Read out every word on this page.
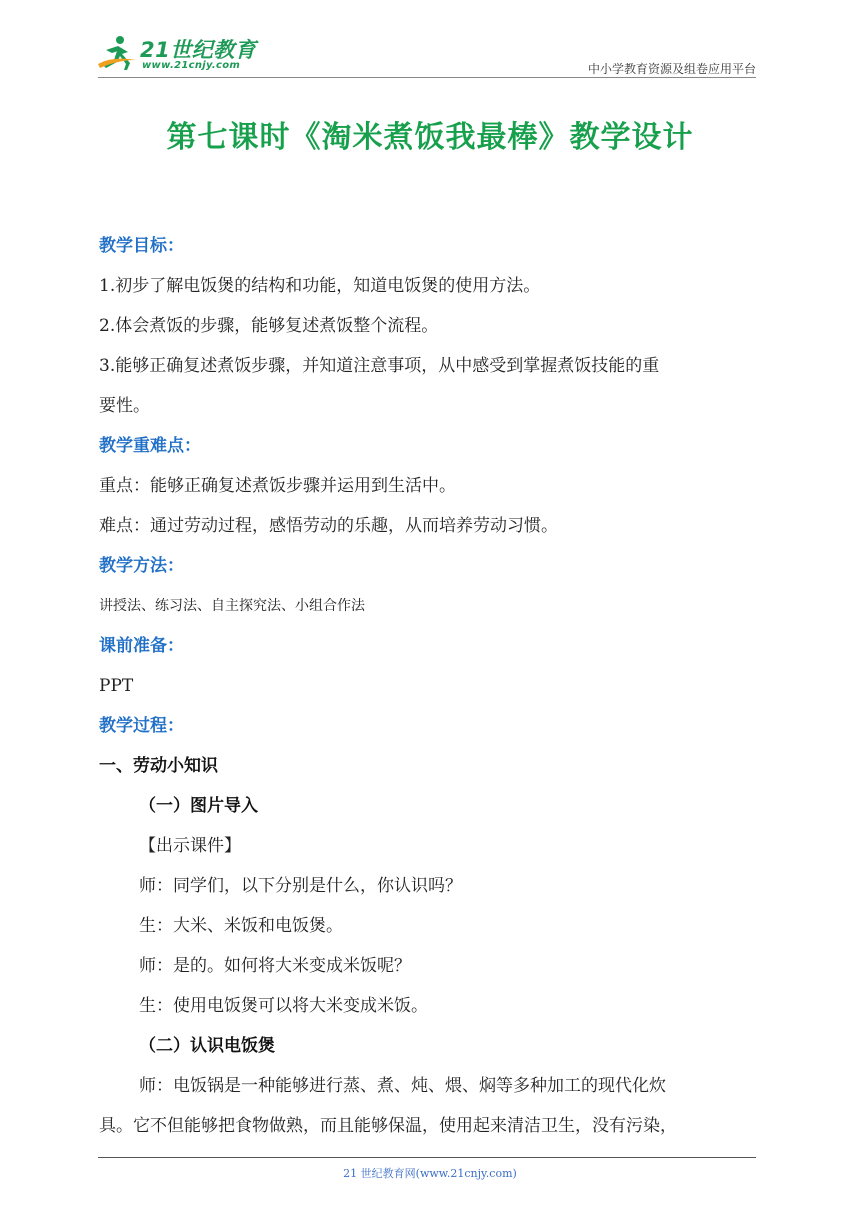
21世纪教育
www.21cnjy.com	中小学教育资源及组卷应用平台
第七课时《淘米煮饭我最棒》教学设计
教学目标：
1.初步了解电饭煲的结构和功能，知道电饭煲的使用方法。
2.体会煮饭的步骤，能够复述煮饭整个流程。
3.能够正确复述煮饭步骤，并知道注意事项，从中感受到掌握煮饭技能的重
要性。
教学重难点：
重点：能够正确复述煮饭步骤并运用到生活中。
难点：通过劳动过程，感悟劳动的乐趣，从而培养劳动习惯。
教学方法：
讲授法、练习法、自主探究法、小组合作法
课前准备：
PPT
教学过程：
一、劳动小知识
（一）图片导入
【出示课件】
师：同学们，以下分别是什么，你认识吗？
生：大米、米饭和电饭煲。
师：是的。如何将大米变成米饭呢？
生：使用电饭煲可以将大米变成米饭。
（二）认识电饭煲
师：电饭锅是一种能够进行蒸、煮、炖、煨、焖等多种加工的现代化炊
具。它不但能够把食物做熟，而且能够保温，使用起来清洁卫生，没有污染，
21 世纪教育网(www.21cnjy.com)
